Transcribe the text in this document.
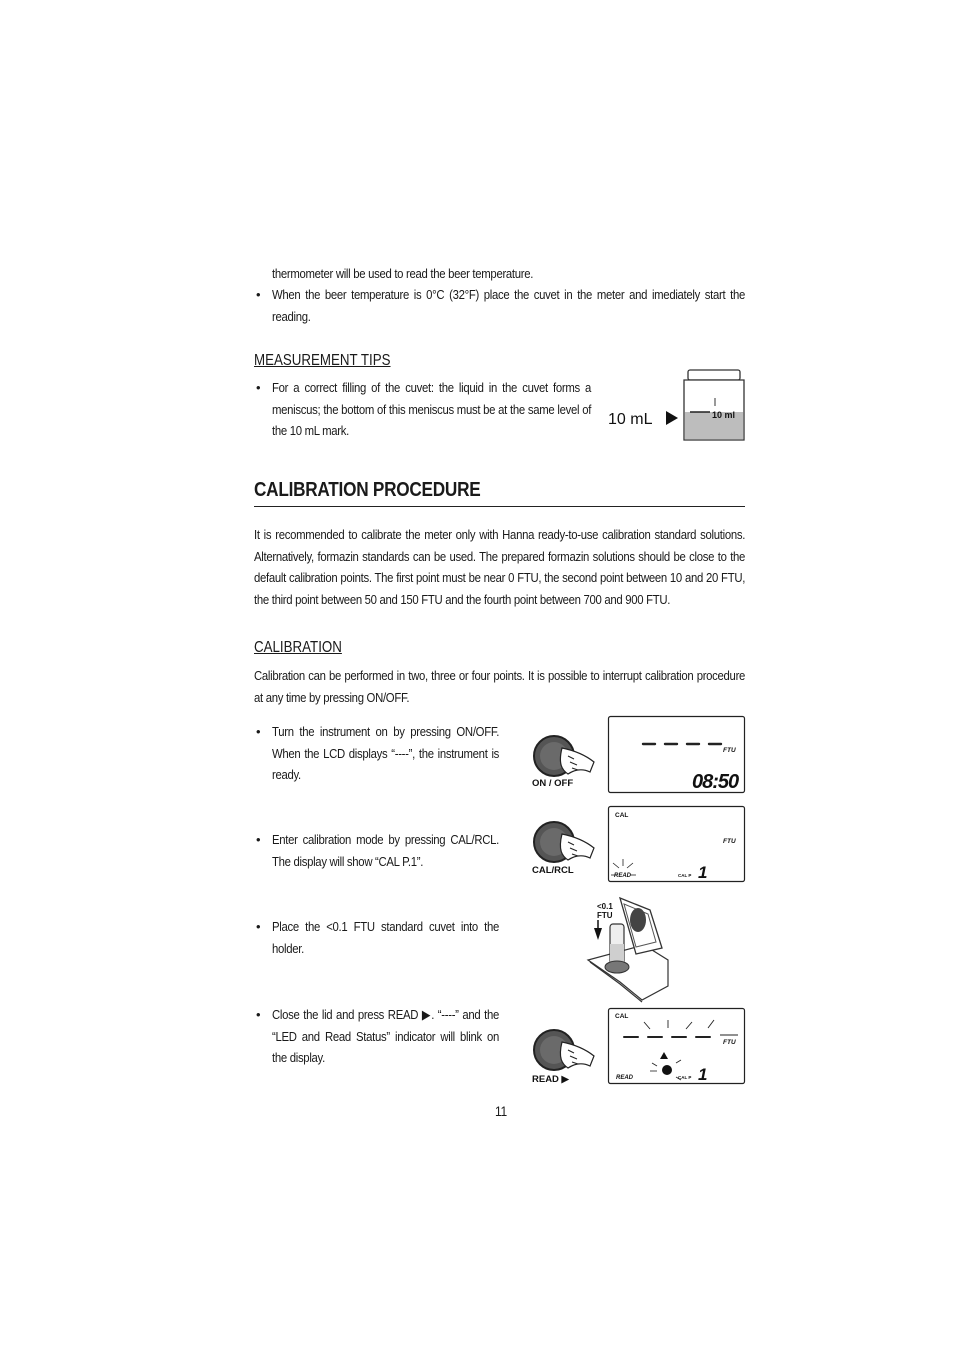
thermometer will be used to read the beer temperature.
• When the beer temperature is 0°C (32°F) place the cuvet in the meter and imediately start the reading.
MEASUREMENT TIPS
• For a correct filling of the cuvet: the liquid in the cuvet forms a meniscus; the bottom of this meniscus must be at the same level of the 10 mL mark.
10 ml
10 mL
CALIBRATION PROCEDURE
It is recommended to calibrate the meter only with Hanna ready-to-use calibration standard solutions. Alternatively, formazin standards can be used. The prepared formazin solutions should be close to the default calibration points. The first point must be near 0 FTU, the second point between 10 and 20 FTU, the third point between 50 and 150 FTU and the fourth point between 700 and 900 FTU.
CALIBRATION
Calibration can be performed in two, three or four points. It is possible to interrupt calibration procedure at any time by pressing ON/OFF.
• Turn the instrument on by pressing ON/OFF. When the LCD displays “----”, the instrument is ready.
ON / OFF
FTU
08:50
• Enter calibration mode by pressing CAL/RCL. The display will show “CAL P.1”.
CAL/RCL
CAL
FTU
READ	CAL P 1
• Place the <0.1 FTU standard cuvet into the holder.
<0.1
FTU
• Close the lid and press READ ▶. “----” and the “LED and Read Status” indicator will blink on the display.
READ ▶
CAL
FTU
READ	CAL P 1
11
